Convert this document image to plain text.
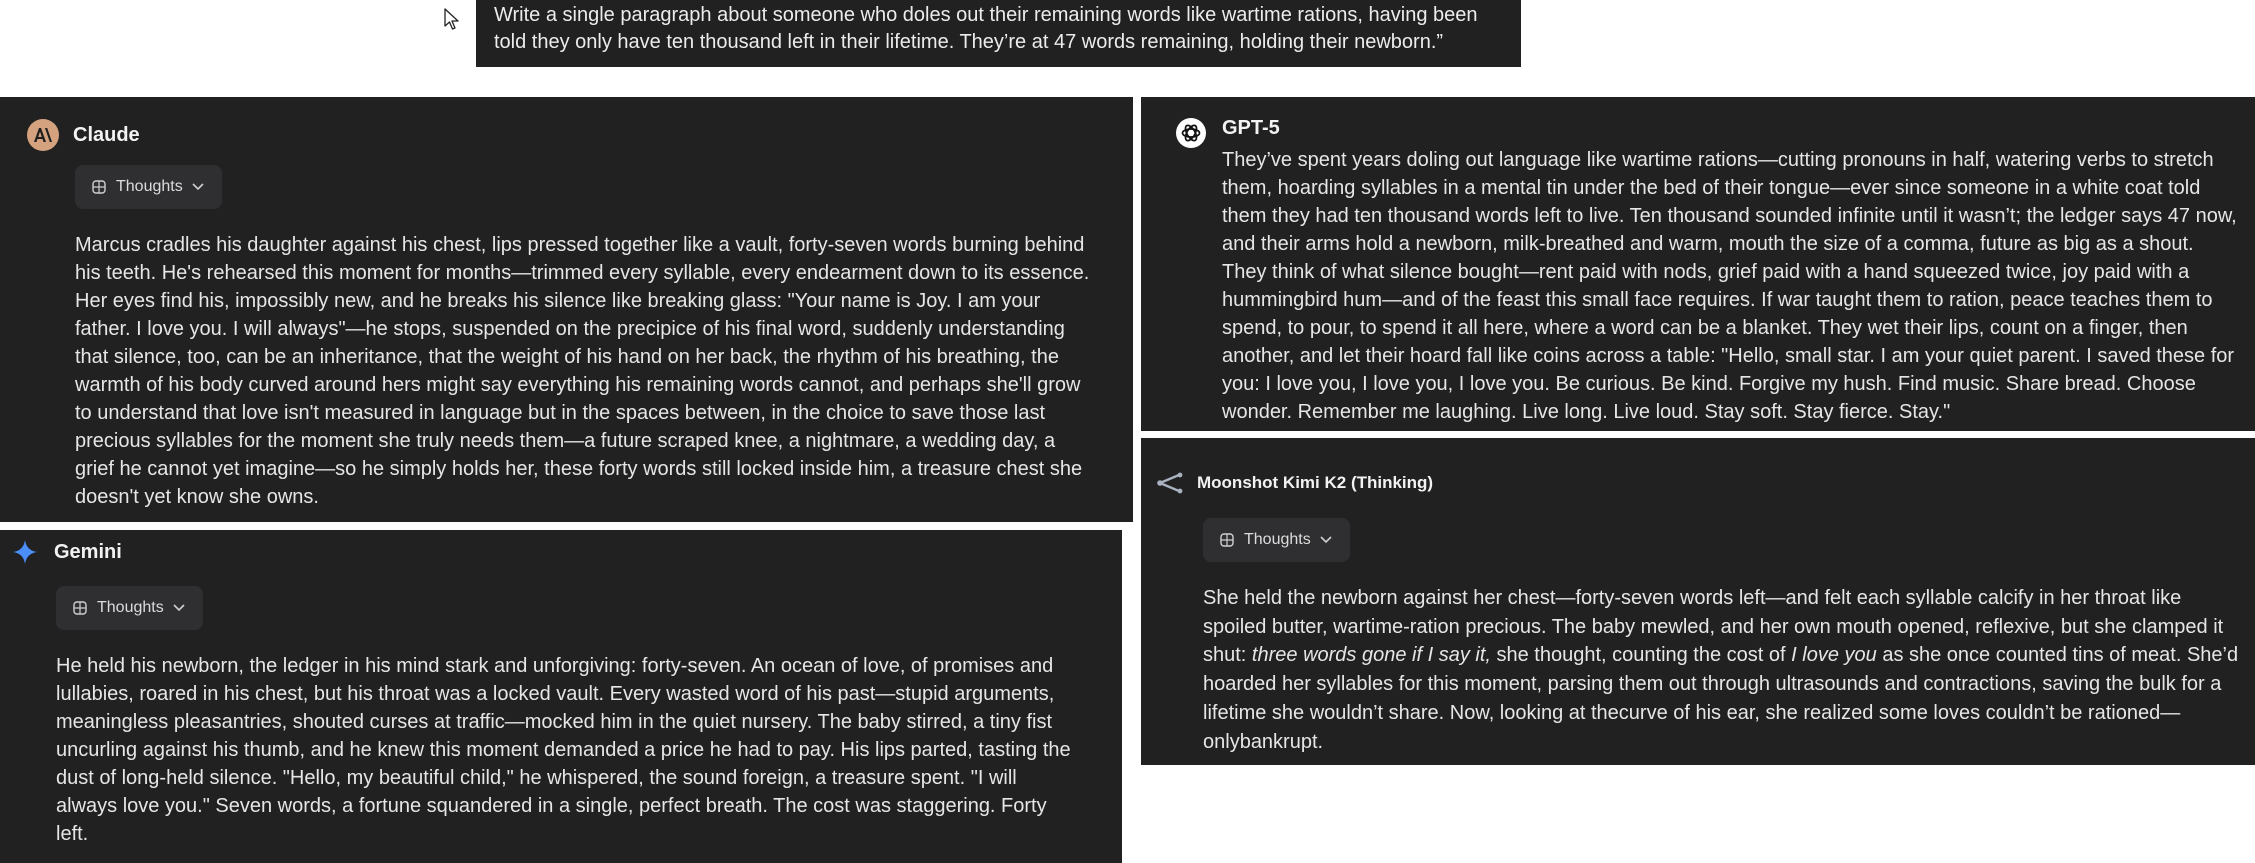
Write a single paragraph about someone who doles out their remaining words like wartime rations, having been told they only have ten thousand left in their lifetime. They’re at 47 words remaining, holding their newborn.”
Claude
Thoughts
Marcus cradles his daughter against his chest, lips pressed together like a vault, forty-seven words burning behind his teeth. He's rehearsed this moment for months—trimmed every syllable, every endearment down to its essence. Her eyes find his, impossibly new, and he breaks his silence like breaking glass: "Your name is Joy. I am your father. I love you. I will always"—he stops, suspended on the precipice of his final word, suddenly understanding that silence, too, can be an inheritance, that the weight of his hand on her back, the rhythm of his breathing, the warmth of his body curved around hers might say everything his remaining words cannot, and perhaps she'll grow to understand that love isn't measured in language but in the spaces between, in the choice to save those last precious syllables for the moment she truly needs them—a future scraped knee, a nightmare, a wedding day, a grief he cannot yet imagine—so he simply holds her, these forty words still locked inside him, a treasure chest she doesn't yet know she owns.
Gemini
Thoughts
He held his newborn, the ledger in his mind stark and unforgiving: forty-seven. An ocean of love, of promises and lullabies, roared in his chest, but his throat was a locked vault. Every wasted word of his past—stupid arguments, meaningless pleasantries, shouted curses at traffic—mocked him in the quiet nursery. The baby stirred, a tiny fist uncurling against his thumb, and he knew this moment demanded a price he had to pay. His lips parted, tasting the dust of long-held silence. "Hello, my beautiful child," he whispered, the sound foreign, a treasure spent. "I will always love you." Seven words, a fortune squandered in a single, perfect breath. The cost was staggering. Forty left.
GPT-5
They’ve spent years doling out language like wartime rations—cutting pronouns in half, watering verbs to stretch them, hoarding syllables in a mental tin under the bed of their tongue—ever since someone in a white coat told them they had ten thousand words left to live. Ten thousand sounded infinite until it wasn’t; the ledger says 47 now, and their arms hold a newborn, milk-breathed and warm, mouth the size of a comma, future as big as a shout. They think of what silence bought—rent paid with nods, grief paid with a hand squeezed twice, joy paid with a hummingbird hum—and of the feast this small face requires. If war taught them to ration, peace teaches them to spend, to pour, to spend it all here, where a word can be a blanket. They wet their lips, count on a finger, then another, and let their hoard fall like coins across a table: "Hello, small star. I am your quiet parent. I saved these for you: I love you, I love you, I love you. Be curious. Be kind. Forgive my hush. Find music. Share bread. Choose wonder. Remember me laughing. Live long. Live loud. Stay soft. Stay fierce. Stay."
Moonshot Kimi K2 (Thinking)
Thoughts
She held the newborn against her chest—forty-seven words left—and felt each syllable calcify in her throat like spoiled butter, wartime-ration precious. The baby mewled, and her own mouth opened, reflexive, but she clamped it shut: three words gone if I say it, she thought, counting the cost of I love you as she once counted tins of meat. She’d hoarded her syllables for this moment, parsing them out through ultrasounds and contractions, saving the bulk for a lifetime she wouldn’t share. Now, looking at thecurve of his ear, she realized some loves couldn’t be rationed—onlybankrupt.
